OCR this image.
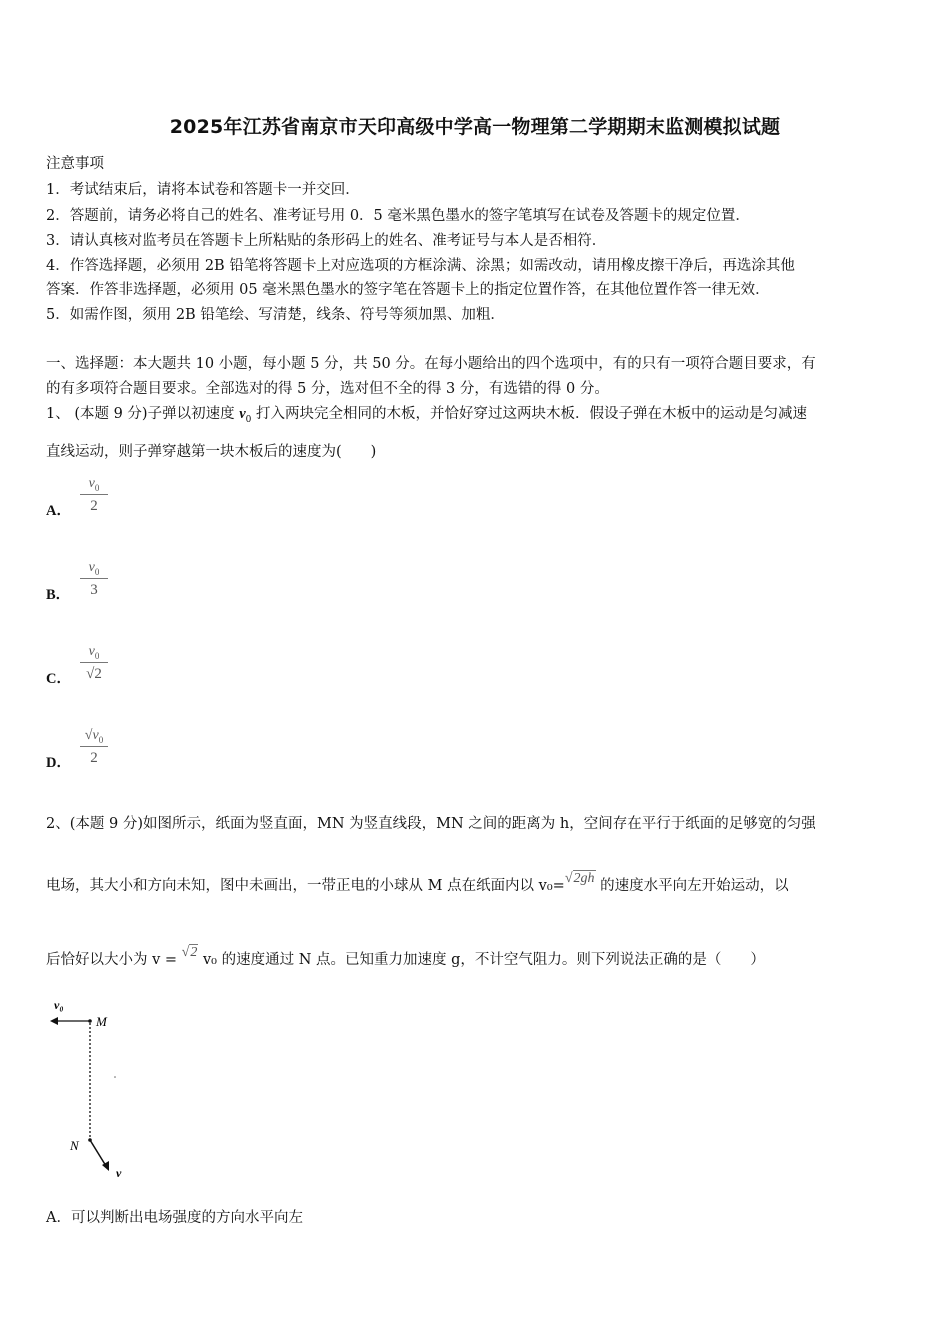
2025年江苏省南京市天印高级中学高一物理第二学期期末监测模拟试题
注意事项
1．考试结束后，请将本试卷和答题卡一并交回．
2．答题前，请务必将自己的姓名、准考证号用 0．5 毫米黑色墨水的签字笔填写在试卷及答题卡的规定位置．
3．请认真核对监考员在答题卡上所粘贴的条形码上的姓名、准考证号与本人是否相符．
4．作答选择题，必须用 2B 铅笔将答题卡上对应选项的方框涂满、涂黑；如需改动，请用橡皮擦干净后，再选涂其他
答案．作答非选择题，必须用 05 毫米黑色墨水的签字笔在答题卡上的指定位置作答，在其他位置作答一律无效．
5．如需作图，须用 2B 铅笔绘、写清楚，线条、符号等须加黑、加粗．
一、选择题：本大题共 10 小题，每小题 5 分，共 50 分。在每小题给出的四个选项中，有的只有一项符合题目要求，有
的有多项符合题目要求。全部选对的得 5 分，选对但不全的得 3 分，有选错的得 0 分。
1、 (本题 9 分)子弹以初速度 $v_0$ 打入两块完全相同的木板，并恰好穿过这两块木板．假设子弹在木板中的运动是匀减速
直线运动，则子弹穿越第一块木板后的速度为(　　)
$v_0$
2
A．
$v_0$
3
B．
$v_0$
√2
C．
$√v_0$
2
D．
2、(本题 9 分)如图所示，纸面为竖直面，MN 为竖直线段，MN 之间的距离为 h，空间存在平行于纸面的足够宽的匀强
电场，其大小和方向未知，图中未画出，一带正电的小球从 M 点在纸面内以 v₀=√2gh 的速度水平向左开始运动，以
后恰好以大小为 v = √2 v₀ 的速度通过 N 点。已知重力加速度 g，不计空气阻力。则下列说法正确的是（　　）
v₀
M
N
v
A．可以判断出电场强度的方向水平向左
